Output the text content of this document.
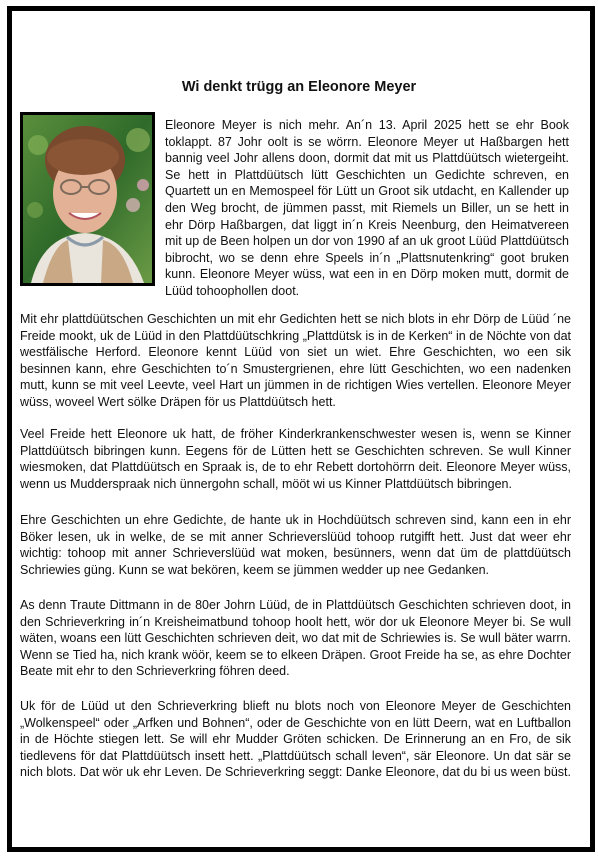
Wi denkt trügg an Eleonore Meyer
Eleonore Meyer is nich mehr. An´n 13. April 2025 hett se ehr Book toklappt. 87 Johr oolt is se wörrn. Eleonore Meyer ut Haßbargen hett bannig veel Johr allens doon, dormit dat mit us Plattdüütsch wietergeiht. Se hett in Plattdüütsch lütt Geschichten un Gedichte schreven, en Quartett un en Memospeel för Lütt un Groot sik utdacht, en Kallender up den Weg brocht, de jümmen passt, mit Riemels un Biller, un se hett in ehr Dörp Haßbargen, dat liggt in´n Kreis Neenburg, den Heimatvereen mit up de Been holpen un dor von 1990 af an uk groot Lüüd Plattdüütsch bibrocht, wo se denn ehre Speels in´n „Plattsnutenkring“ goot bruken kunn. Eleonore Meyer wüss, wat een in en Dörp moken mutt, dormit de Lüüd tohoophollen doot.
Mit ehr plattdüütschen Geschichten un mit ehr Gedichten hett se nich blots in ehr Dörp de Lüüd ´ne Freide mookt, uk de Lüüd in den Plattdüütschkring „Plattdütsk is in de Kerken“ in de Nöchte von dat westfälische Herford. Eleonore kennt Lüüd von siet un wiet. Ehre Geschichten, wo een sik besinnen kann, ehre Geschichten to´n Smustergrienen, ehre lütt Geschichten, wo een nadenken mutt, kunn se mit veel Leevte, veel Hart un jümmen in de richtigen Wies vertellen. Eleonore Meyer wüss, woveel Wert sölke Dräpen för us Plattdüütsch hett.
Veel Freide hett Eleonore uk hatt, de fröher Kinderkrankenschwester wesen is, wenn se Kinner Plattdüütsch bibringen kunn. Eegens för de Lütten hett se Geschichten schreven. Se wull Kinner wiesmoken, dat Plattdüütsch en Spraak is, de to ehr Rebett dortohörrn deit. Eleonore Meyer wüss, wenn us Mudderspraak nich ünnergohn schall, mööt wi us Kinner Plattdüütsch bibringen.
Ehre Geschichten un ehre Gedichte, de hante uk in Hochdüütsch schreven sind, kann een in ehr Böker lesen, uk in welke, de se mit anner Schrieverslüüd tohoop rutgifft hett. Just dat weer ehr wichtig: tohoop mit anner Schrieverslüüd wat moken, besünners, wenn dat üm de plattdüütsch Schriewies güng. Kunn se wat bekören, keem se jümmen wedder up nee Gedanken.
As denn Traute Dittmann in de 80er Johrn Lüüd, de in Plattdüütsch Geschichten schrieven doot, in den Schrieverkring in´n Kreisheimatbund tohoop hoolt hett, wör dor uk Eleonore Meyer bi. Se wull wäten, woans een lütt Geschichten schrieven deit, wo dat mit de Schriewies is. Se wull bäter warrn. Wenn se Tied ha, nich krank wöör, keem se to elkeen Dräpen. Groot Freide ha se, as ehre Dochter Beate mit ehr to den Schrieverkring föhren deed.
Uk för de Lüüd ut den Schrieverkring blieft nu blots noch von Eleonore Meyer de Geschichten „Wolkenspeel“ oder „Arfken und Bohnen“, oder de Geschichte von en lütt Deern, wat en Luftballon in de Höchte stiegen lett. Se will ehr Mudder Gröten schicken. De Erinnerung an en Fro, de sik tiedlevens för dat Plattdüütsch insett hett. „Plattdüütsch schall leven“, sär Eleonore. Un dat sär se nich blots. Dat wör uk ehr Leven. De Schrieverkring seggt: Danke Eleonore, dat du bi us ween büst.
